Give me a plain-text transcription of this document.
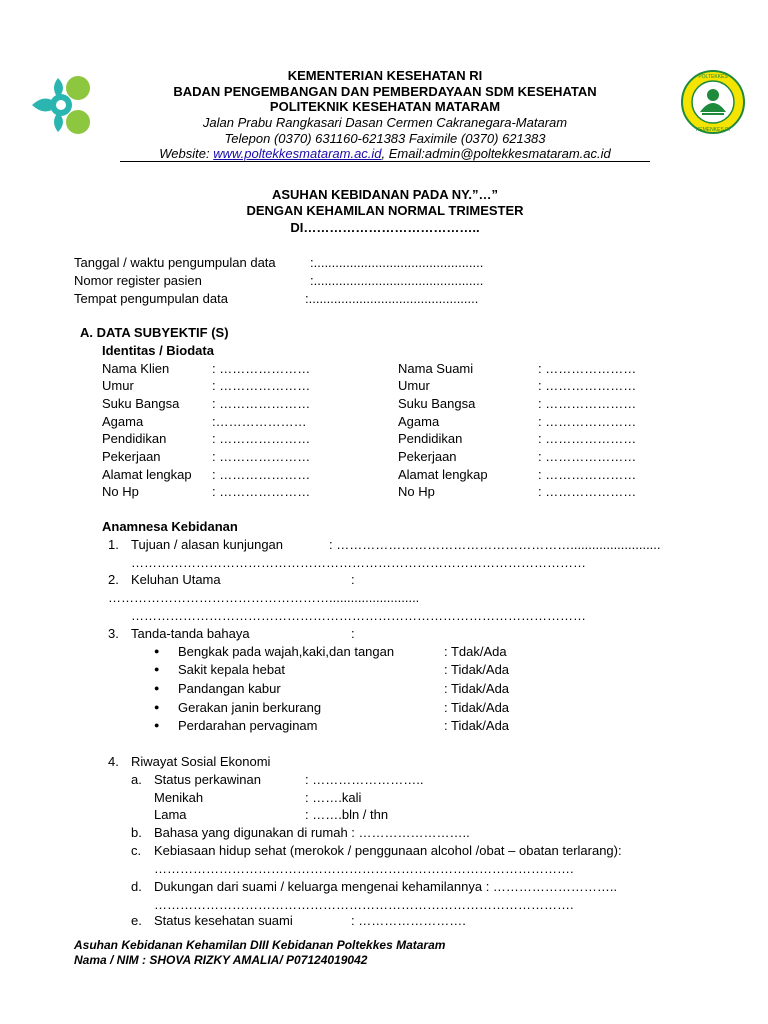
POLTEKKES
KEMENKES RI
KEMENTERIAN KESEHATAN RI
BADAN PENGEMBANGAN DAN PEMBERDAYAAN SDM KESEHATAN
POLITEKNIK KESEHATAN MATARAM
Jalan Prabu Rangkasari Dasan Cermen Cakranegara-Mataram
Telepon (0370) 631160-621383 Faximile (0370) 621383
Website: www.poltekkesmataram.ac.id, Email:admin@poltekkesmataram.ac.id
ASUHAN KEBIDANAN PADA NY.”…”
DENGAN KEHAMILAN NORMAL TRIMESTER
DI…………………………………..
Tanggal / waktu pengumpulan data	:...............................................
Nomor register pasien	:...............................................
Tempat pengumpulan data	:...............................................
A. DATA SUBYEKTIF (S)
Identitas / Biodata
Nama Klien	: …………………
Umur	: …………………
Suku Bangsa	: …………………
Agama	:…………………
Pendidikan	: …………………
Pekerjaan	: …………………
Alamat lengkap : …………………
No Hp	: …………………
Nama Suami	: …………………
Umur	: …………………
Suku Bangsa	: …………………
Agama	: …………………
Pendidikan	: …………………
Pekerjaan	: …………………
Alamat lengkap	: …………………
No Hp	: …………………
Anamnesa Kebidanan
1. Tujuan / alasan kunjungan	: ……………………………………………….........................
……………………………………………………………………………………………
2. Keluhan Utama	:
…………………………………………….........................
……………………………………………………………………………………………
3. Tanda-tanda bahaya	:
● Bengkak pada wajah,kaki,dan tangan	: Tdak/Ada
● Sakit kepala hebat	: Tidak/Ada
● Pandangan kabur	: Tidak/Ada
● Gerakan janin berkurang	: Tidak/Ada
● Perdarahan pervaginam	: Tidak/Ada
4. Riwayat Sosial Ekonomi
a. Status perkawinan	: ……………………..
Menikah	: …….kali
Lama	: …….bln / thn
b. Bahasa yang digunakan di rumah : ……………………..
c. Kebiasaan hidup sehat (merokok / penggunaan alcohol /obat – obatan terlarang):
…………………………………………………………………………………….
d. Dukungan dari suami / keluarga mengenai kehamilannya : ………………………..
…………………………………………………………………………………….
e. Status kesehatan suami	: …………………….
Asuhan Kebidanan Kehamilan DIII Kebidanan Poltekkes Mataram
Nama / NIM : SHOVA RIZKY AMALIA/ P07124019042
